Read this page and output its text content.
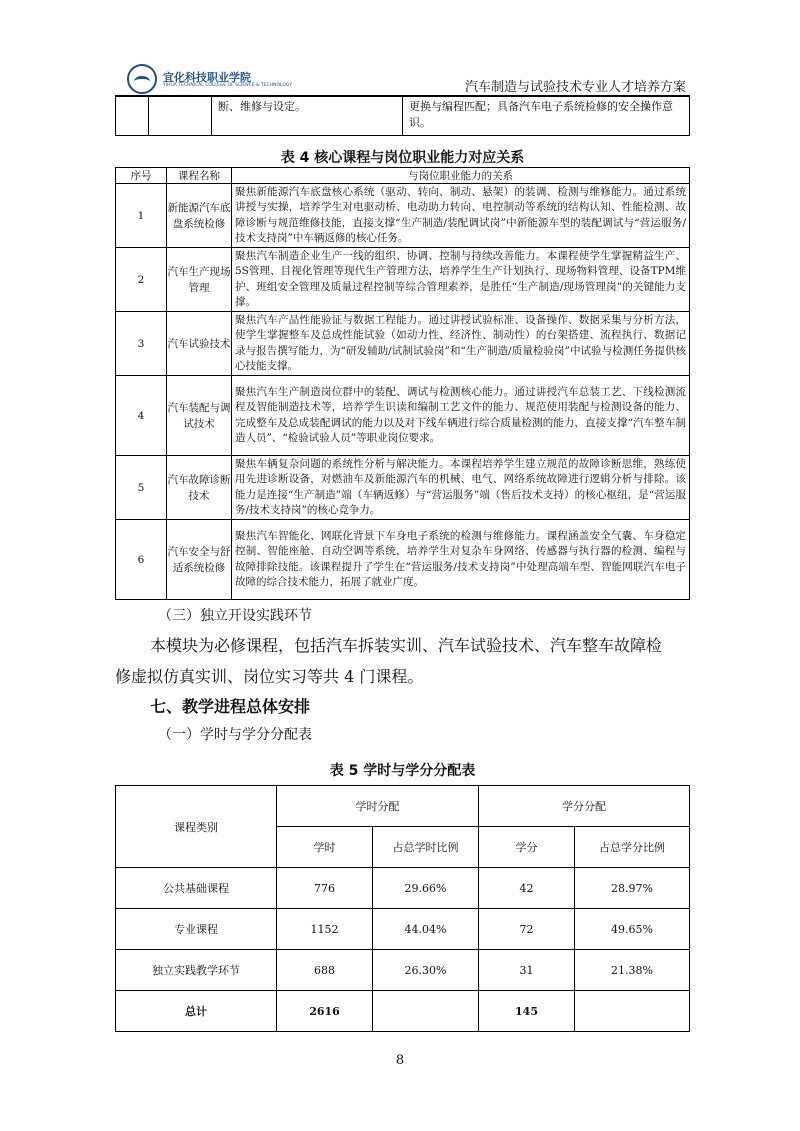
宜化科技职业学院
YIHUA TECHNICAL COLLEGE OF SCIENCE & TECHNOLOGY	汽车制造与试验技术专业人才培养方案
		断、维修与设定。	更换与编程匹配；具备汽车电子系统检修的安全操作意识。
表 4 核心课程与岗位职业能力对应关系
序号	课程名称	与岗位职业能力的关系
1	新能源汽车底盘系统检修	聚焦新能源汽车底盘核心系统（驱动、转向、制动、悬架）的装调、检测与维修能力。通过系统讲授与实操，培养学生对电驱动桥、电动助力转向、电控制动等系统的结构认知、性能检测、故障诊断与规范维修技能，直接支撑“生产制造/装配调试岗”中新能源车型的装配调试与“营运服务/技术支持岗”中车辆返修的核心任务。
2	汽车生产现场管理	聚焦汽车制造企业生产一线的组织、协调、控制与持续改善能力。本课程使学生掌握精益生产、5S管理、目视化管理等现代生产管理方法，培养学生生产计划执行、现场物料管理、设备TPM维护、班组安全管理及质量过程控制等综合管理素养，是胜任“生产制造/现场管理岗”的关键能力支撑。
3	汽车试验技术	聚焦汽车产品性能验证与数据工程能力。通过讲授试验标准、设备操作、数据采集与分析方法，使学生掌握整车及总成性能试验（如动力性、经济性、制动性）的台架搭建、流程执行、数据记录与报告撰写能力，为“研发辅助/试制试验岗”和“生产制造/质量检验岗”中试验与检测任务提供核心技能支撑。
4	汽车装配与调试技术	聚焦汽车生产制造岗位群中的装配、调试与检测核心能力。通过讲授汽车总装工艺、下线检测流程及智能制造技术等，培养学生识读和编制工艺文件的能力、规范使用装配与检测设备的能力、完成整车及总成装配调试的能力以及对下线车辆进行综合质量检测的能力，直接支撑“汽车整车制造人员”、“检验试验人员”等职业岗位要求。
5	汽车故障诊断技术	聚焦车辆复杂问题的系统性分析与解决能力。本课程培养学生建立规范的故障诊断思维，熟练使用先进诊断设备，对燃油车及新能源汽车的机械、电气、网络系统故障进行逻辑分析与排除。该能力是连接“生产制造”端（车辆返修）与“营运服务”端（售后技术支持）的核心枢纽，是“营运服务/技术支持岗”的核心竞争力。
6	汽车安全与舒适系统检修	聚焦汽车智能化、网联化背景下车身电子系统的检测与维修能力。课程涵盖安全气囊、车身稳定控制、智能座舱、自动空调等系统，培养学生对复杂车身网络、传感器与执行器的检测、编程与故障排除技能。该课程提升了学生在“营运服务/技术支持岗”中处理高端车型、智能网联汽车电子故障的综合技术能力，拓展了就业广度。
（三）独立开设实践环节
本模块为必修课程，包括汽车拆装实训、汽车试验技术、汽车整车故障检
修虚拟仿真实训、岗位实习等共 4 门课程。
七、教学进程总体安排
（一）学时与学分分配表
表 5 学时与学分分配表
课程类别	学时分配		学分分配	
	学时	占总学时比例	学分	占总学分比例
公共基础课程	776	29.66%	42	28.97%
专业课程	1152	44.04%	72	49.65%
独立实践教学环节	688	26.30%	31	21.38%
总计	2616		145	
8
